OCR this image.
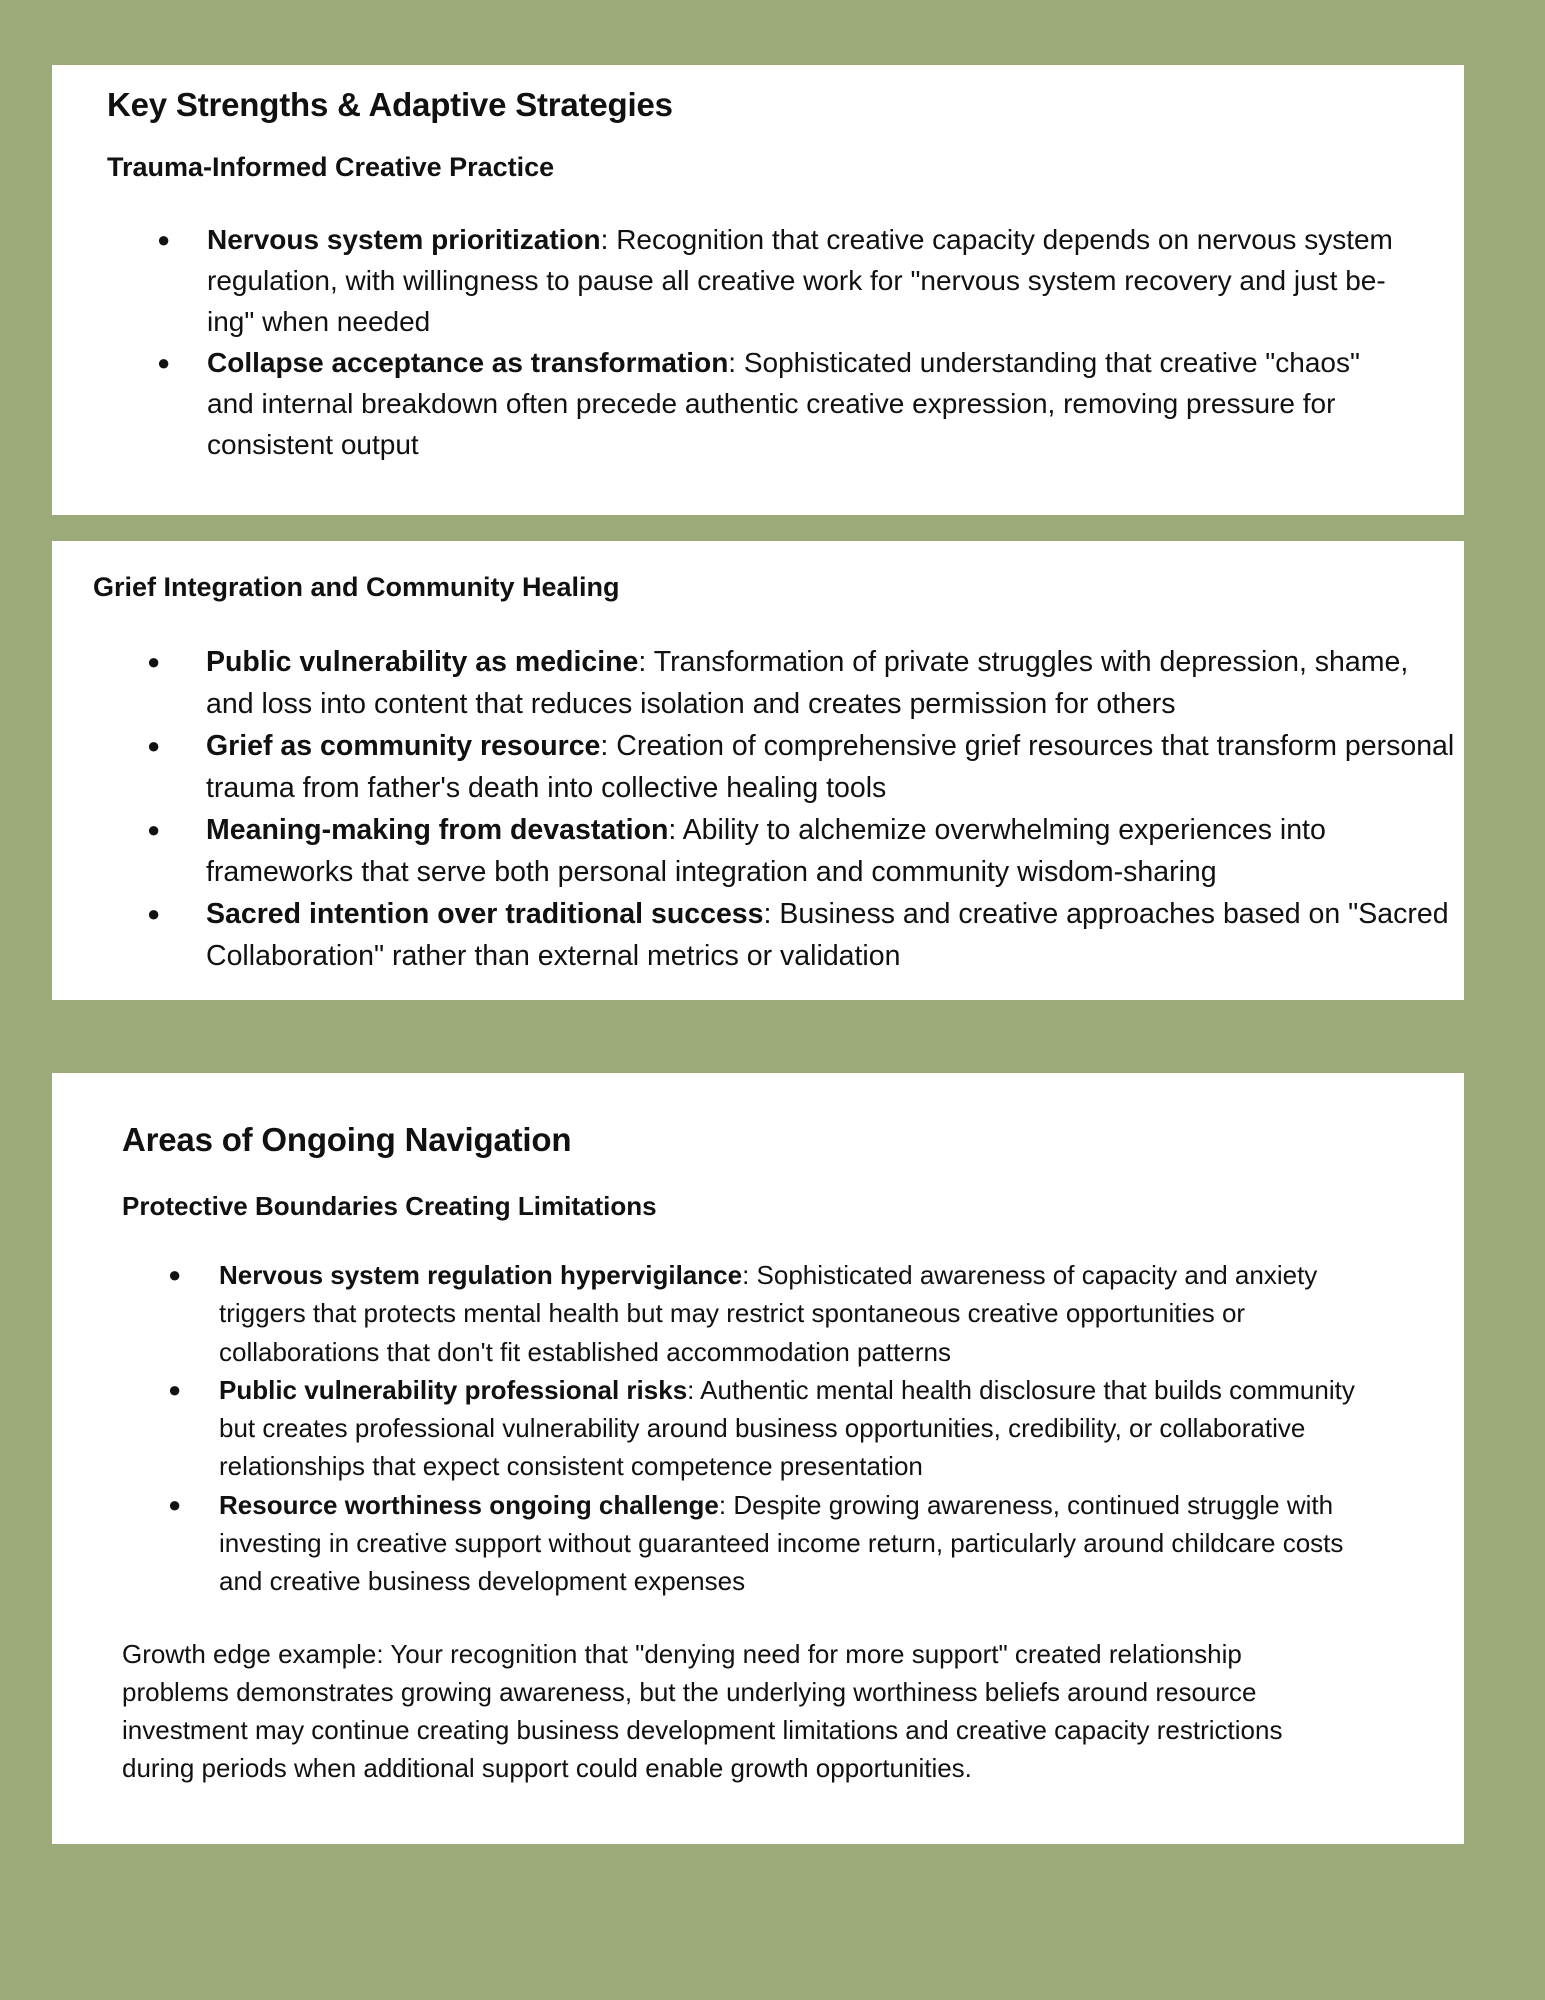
Key Strengths & Adaptive Strategies
Trauma-Informed Creative Practice
● Nervous system prioritization: Recognition that creative capacity depends on nervous system regulation, with willingness to pause all creative work for "nervous system recovery and just be-ing" when needed
● Collapse acceptance as transformation: Sophisticated understanding that creative "chaos" and internal breakdown often precede authentic creative expression, removing pressure for consistent output
Grief Integration and Community Healing
● Public vulnerability as medicine: Transformation of private struggles with depression, shame, and loss into content that reduces isolation and creates permission for others
● Grief as community resource: Creation of comprehensive grief resources that transform personal trauma from father's death into collective healing tools
● Meaning-making from devastation: Ability to alchemize overwhelming experiences into frameworks that serve both personal integration and community wisdom-sharing
● Sacred intention over traditional success: Business and creative approaches based on "Sacred Collaboration" rather than external metrics or validation
Areas of Ongoing Navigation
Protective Boundaries Creating Limitations
● Nervous system regulation hypervigilance: Sophisticated awareness of capacity and anxiety triggers that protects mental health but may restrict spontaneous creative opportunities or collaborations that don't fit established accommodation patterns
● Public vulnerability professional risks: Authentic mental health disclosure that builds community but creates professional vulnerability around business opportunities, credibility, or collaborative relationships that expect consistent competence presentation
● Resource worthiness ongoing challenge: Despite growing awareness, continued struggle with investing in creative support without guaranteed income return, particularly around childcare costs and creative business development expenses

Growth edge example: Your recognition that "denying need for more support" created relationship problems demonstrates growing awareness, but the underlying worthiness beliefs around resource investment may continue creating business development limitations and creative capacity restrictions during periods when additional support could enable growth opportunities.
